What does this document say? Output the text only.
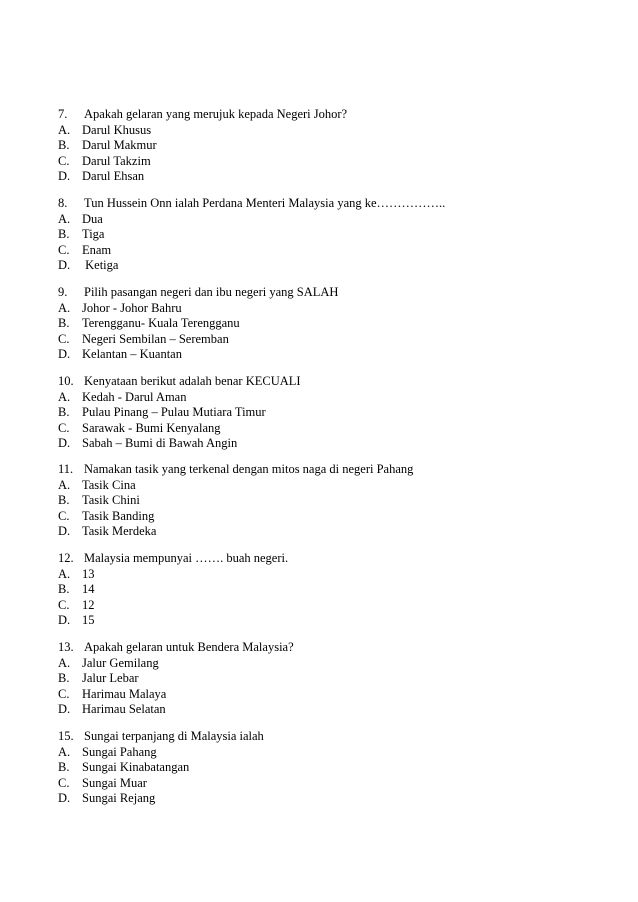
7. Apakah gelaran yang merujuk kepada Negeri Johor?
A. Darul Khusus
B. Darul Makmur
C. Darul Takzim
D. Darul Ehsan
8. Tun Hussein Onn ialah Perdana Menteri Malaysia yang ke……………..
A. Dua
B. Tiga
C. Enam
D. Ketiga
9. Pilih pasangan negeri dan ibu negeri yang SALAH
A. Johor - Johor Bahru
B. Terengganu- Kuala Terengganu
C. Negeri Sembilan – Seremban
D. Kelantan – Kuantan
10. Kenyataan berikut adalah benar KECUALI
A. Kedah - Darul Aman
B. Pulau Pinang – Pulau Mutiara Timur
C. Sarawak - Bumi Kenyalang
D. Sabah – Bumi di Bawah Angin
11. Namakan tasik yang terkenal dengan mitos naga di negeri Pahang
A. Tasik Cina
B. Tasik Chini
C. Tasik Banding
D. Tasik Merdeka
12. Malaysia mempunyai ……. buah negeri.
A. 13
B. 14
C. 12
D. 15
13. Apakah gelaran untuk Bendera Malaysia?
A. Jalur Gemilang
B. Jalur Lebar
C. Harimau Malaya
D. Harimau Selatan
15. Sungai terpanjang di Malaysia ialah
A. Sungai Pahang
B. Sungai Kinabatangan
C. Sungai Muar
D. Sungai Rejang
